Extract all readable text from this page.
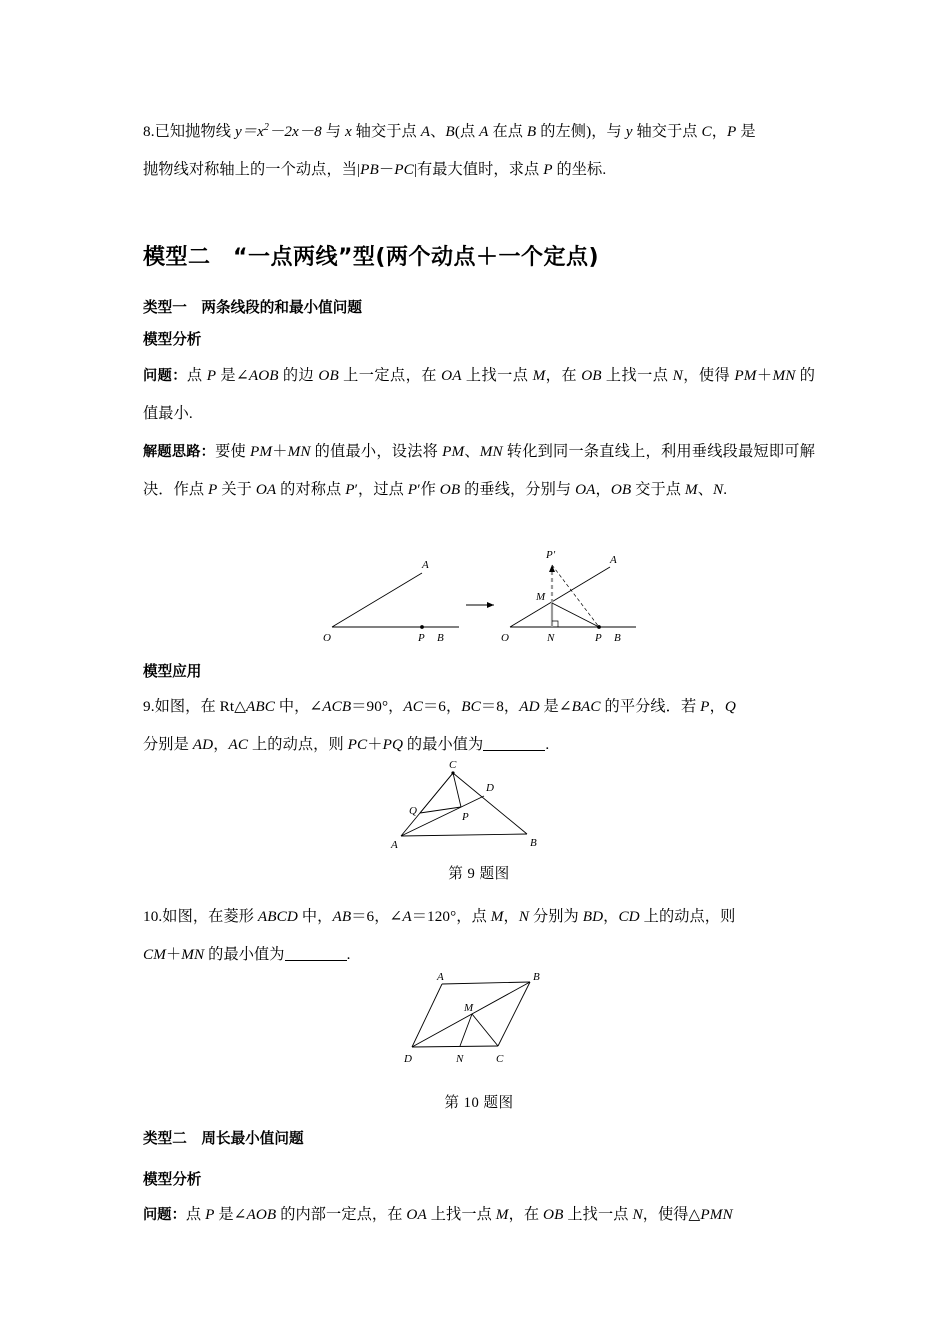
8.已知抛物线 $y=x^2-2x-8$ 与 x 轴交于点 A、B(点 A 在点 B 的左侧)，与 y 轴交于点 C，P 是
抛物线对称轴上的一个动点，当|PB－PC|有最大值时，求点 P 的坐标.
模型二　“一点两线”型(两个动点＋一个定点)
类型一　两条线段的和最小值问题
模型分析
问题：点 P 是∠AOB 的边 OB 上一定点，在 OA 上找一点 M，在 OB 上找一点 N，使得 PM＋MN 的值最小.
解题思路：要使 PM＋MN 的值最小，设法将 PM、MN 转化到同一条直线上，利用垂线段最短即可解决．作点 P 关于 OA 的对称点 P′，过点 P′作 OB 的垂线，分别与 OA，OB 交于点 M、N.
O	P B
A
O	N	P B
A
M
P′
模型应用
9.如图，在 Rt△ABC 中，∠ACB＝90°，AC＝6，BC＝8，AD 是∠BAC 的平分线．若 P，Q
分别是 AD，AC 上的动点，则 PC＋PQ 的最小值为	.
A	B
C
D
Q	P
第 9 题图
10.如图，在菱形 ABCD 中，AB＝6，∠A＝120°，点 M，N 分别为 BD，CD 上的动点，则
CM＋MN 的最小值为	.
A	B
C
D
M
N
第 10 题图
类型二　周长最小值问题
模型分析
问题：点 P 是∠AOB 的内部一定点，在 OA 上找一点 M，在 OB 上找一点 N，使得△PMN
